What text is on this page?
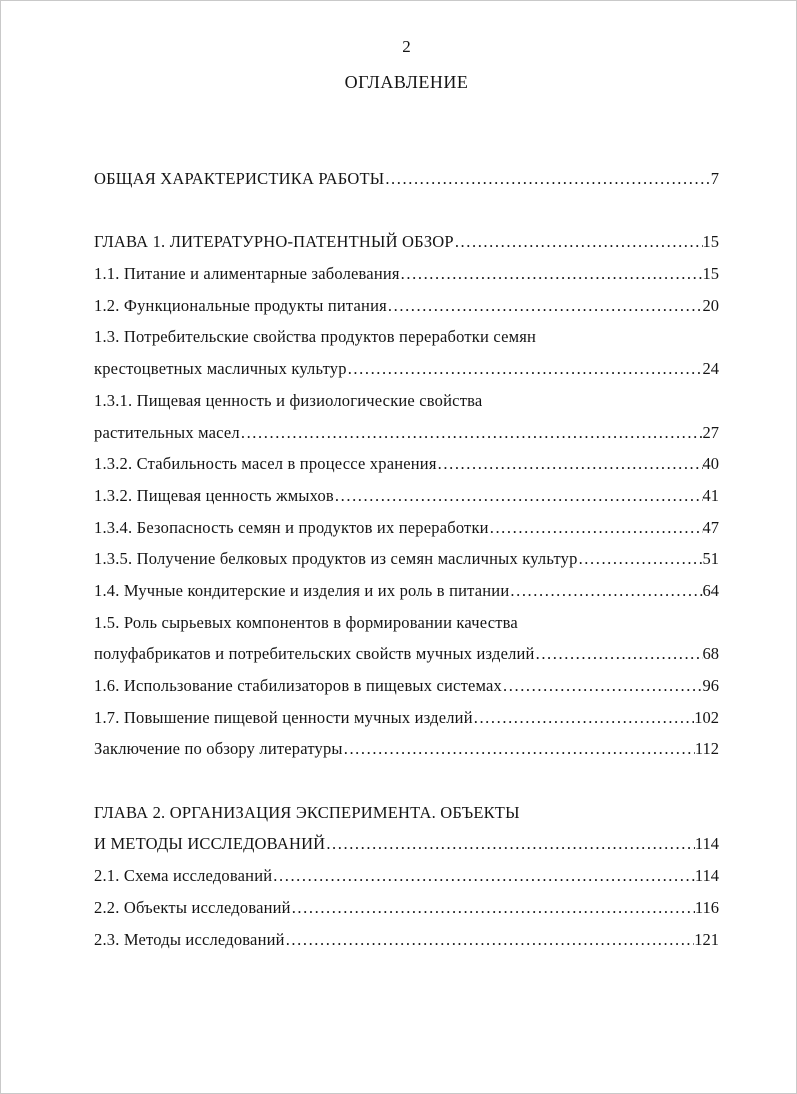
2
ОГЛАВЛЕНИЕ
ОБЩАЯ ХАРАКТЕРИСТИКА РАБОТЫ .....	7
ГЛАВА 1. ЛИТЕРАТУРНО-ПАТЕНТНЫЙ ОБЗОР .....	15
1.1. Питание и алиментарные заболевания .....	15
1.2. Функциональные продукты питания .....	20
1.3. Потребительские свойства продуктов переработки семян
крестоцветных масличных культур .....	24
1.3.1. Пищевая ценность и физиологические свойства
растительных масел .....	27
1.3.2. Стабильность масел в процессе хранения .....	40
1.3.2. Пищевая ценность жмыхов .....	41
1.3.4. Безопасность семян и продуктов их переработки .....	47
1.3.5. Получение белковых продуктов из семян масличных культур .....	51
1.4. Мучные кондитерские и изделия и их роль в питании .....	64
1.5. Роль сырьевых компонентов в формировании качества
полуфабрикатов и потребительских свойств мучных изделий .....	68
1.6. Использование стабилизаторов в пищевых системах .....	96
1.7. Повышение пищевой ценности мучных изделий .....	102
Заключение по обзору литературы .....	112
ГЛАВА 2. ОРГАНИЗАЦИЯ ЭКСПЕРИМЕНТА. ОБЪЕКТЫ
И МЕТОДЫ ИССЛЕДОВАНИЙ .....	114
2.1. Схема исследований .....	114
2.2. Объекты исследований .....	116
2.3. Методы исследований .....	121
